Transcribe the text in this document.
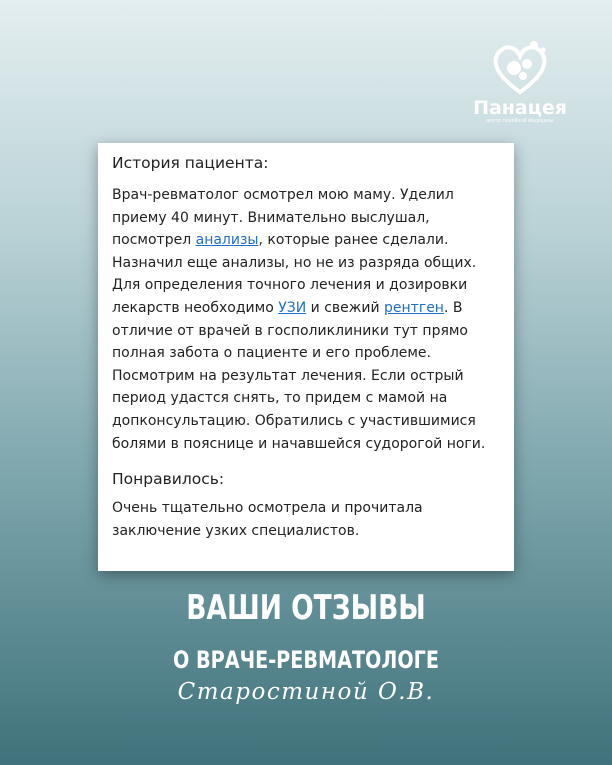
Панацея
центр семейной медицины
История пациента:

Врач-ревматолог осмотрел мою маму. Уделил приему 40 минут. Внимательно выслушал, посмотрел анализы, которые ранее сделали. Назначил еще анализы, но не из разряда общих. Для определения точного лечения и дозировки лекарств необходимо УЗИ и свежий рентген. В отличие от врачей в госполиклиники тут прямо полная забота о пациенте и его проблеме. Посмотрим на результат лечения. Если острый период удастся снять, то придем с мамой на допконсультацию. Обратились с участившимися болями в пояснице и начавшейся судорогой ноги.

Понравилось:

Очень тщательно осмотрела и прочитала заключение узких специалистов.

ВАШИ ОТЗЫВЫ
О ВРАЧЕ-РЕВМАТОЛОГЕ
Старостиной О.В.
